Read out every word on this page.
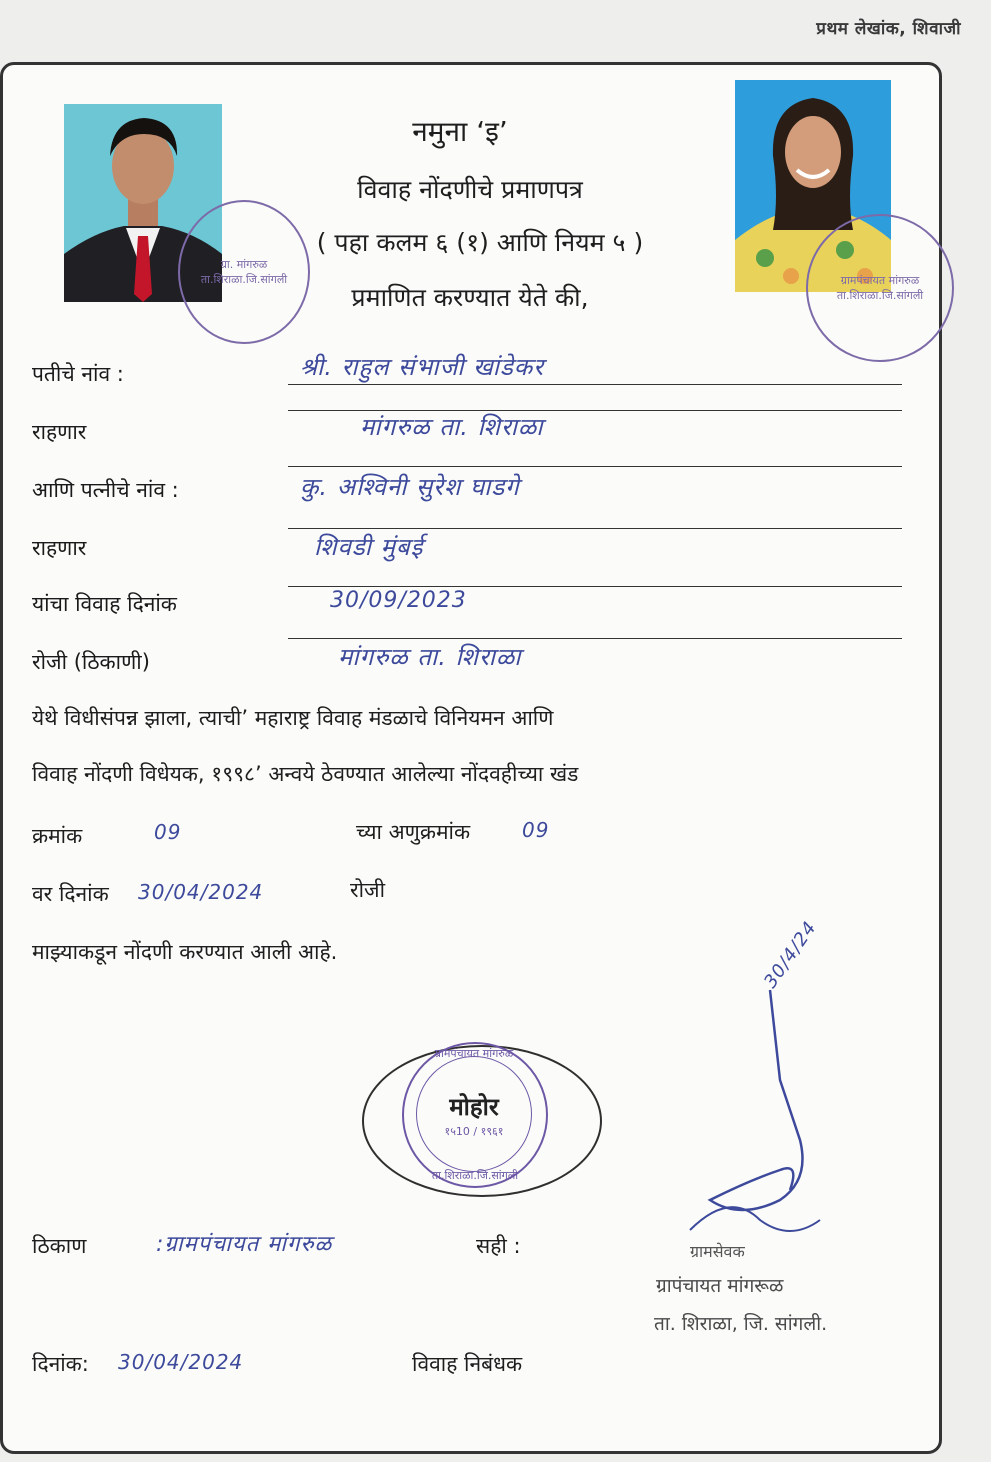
प्रथम लेखांक, शिवाजी
ग्रा. मांगरुळ ता.शिराळा.जि.सांगली	ग्रामपंचायत मांगरुळ ता.शिराळा.जि.सांगली
नमुना ‘इ’
विवाह नोंदणीचे प्रमाणपत्र
( पहा कलम ६ (१) आणि नियम ५ )
प्रमाणित करण्यात येते की,
पतीचे नांव :	श्री. राहुल संभाजी खांडेकर
राहणार	मांगरुळ ता. शिराळा
आणि पत्नीचे नांव :	कु. अश्विनी सुरेश घाडगे
राहणार	शिवडी मुंबई
यांचा विवाह दिनांक	30/09/2023
रोजी (ठिकाणी)	मांगरुळ ता. शिराळा
येथे विधीसंपन्न झाला, त्याची’ महाराष्ट्र विवाह मंडळाचे विनियमन आणि
विवाह नोंदणी विधेयक, १९९८’ अन्वये ठेवण्यात आलेल्या नोंदवहीच्या खंड
क्रमांक	09	च्या अणुक्रमांक	09
वर दिनांक 30/04/2024	रोजी
माझ्याकडून नोंदणी करण्यात आली आहे.
ग्रामपंचायत मांगरुळ
मोहोर
१५10 / १९६१
ता.शिराळा.जि.सांगली
30/4/24
ग्रामसेवक
ग्रापंचायत मांगरूळ
ता. शिराळा, जि. सांगली.
ठिकाण	:ग्रामपंचायत मांगरुळ	सही :
दिनांक: 30/04/2024	विवाह निबंधक
